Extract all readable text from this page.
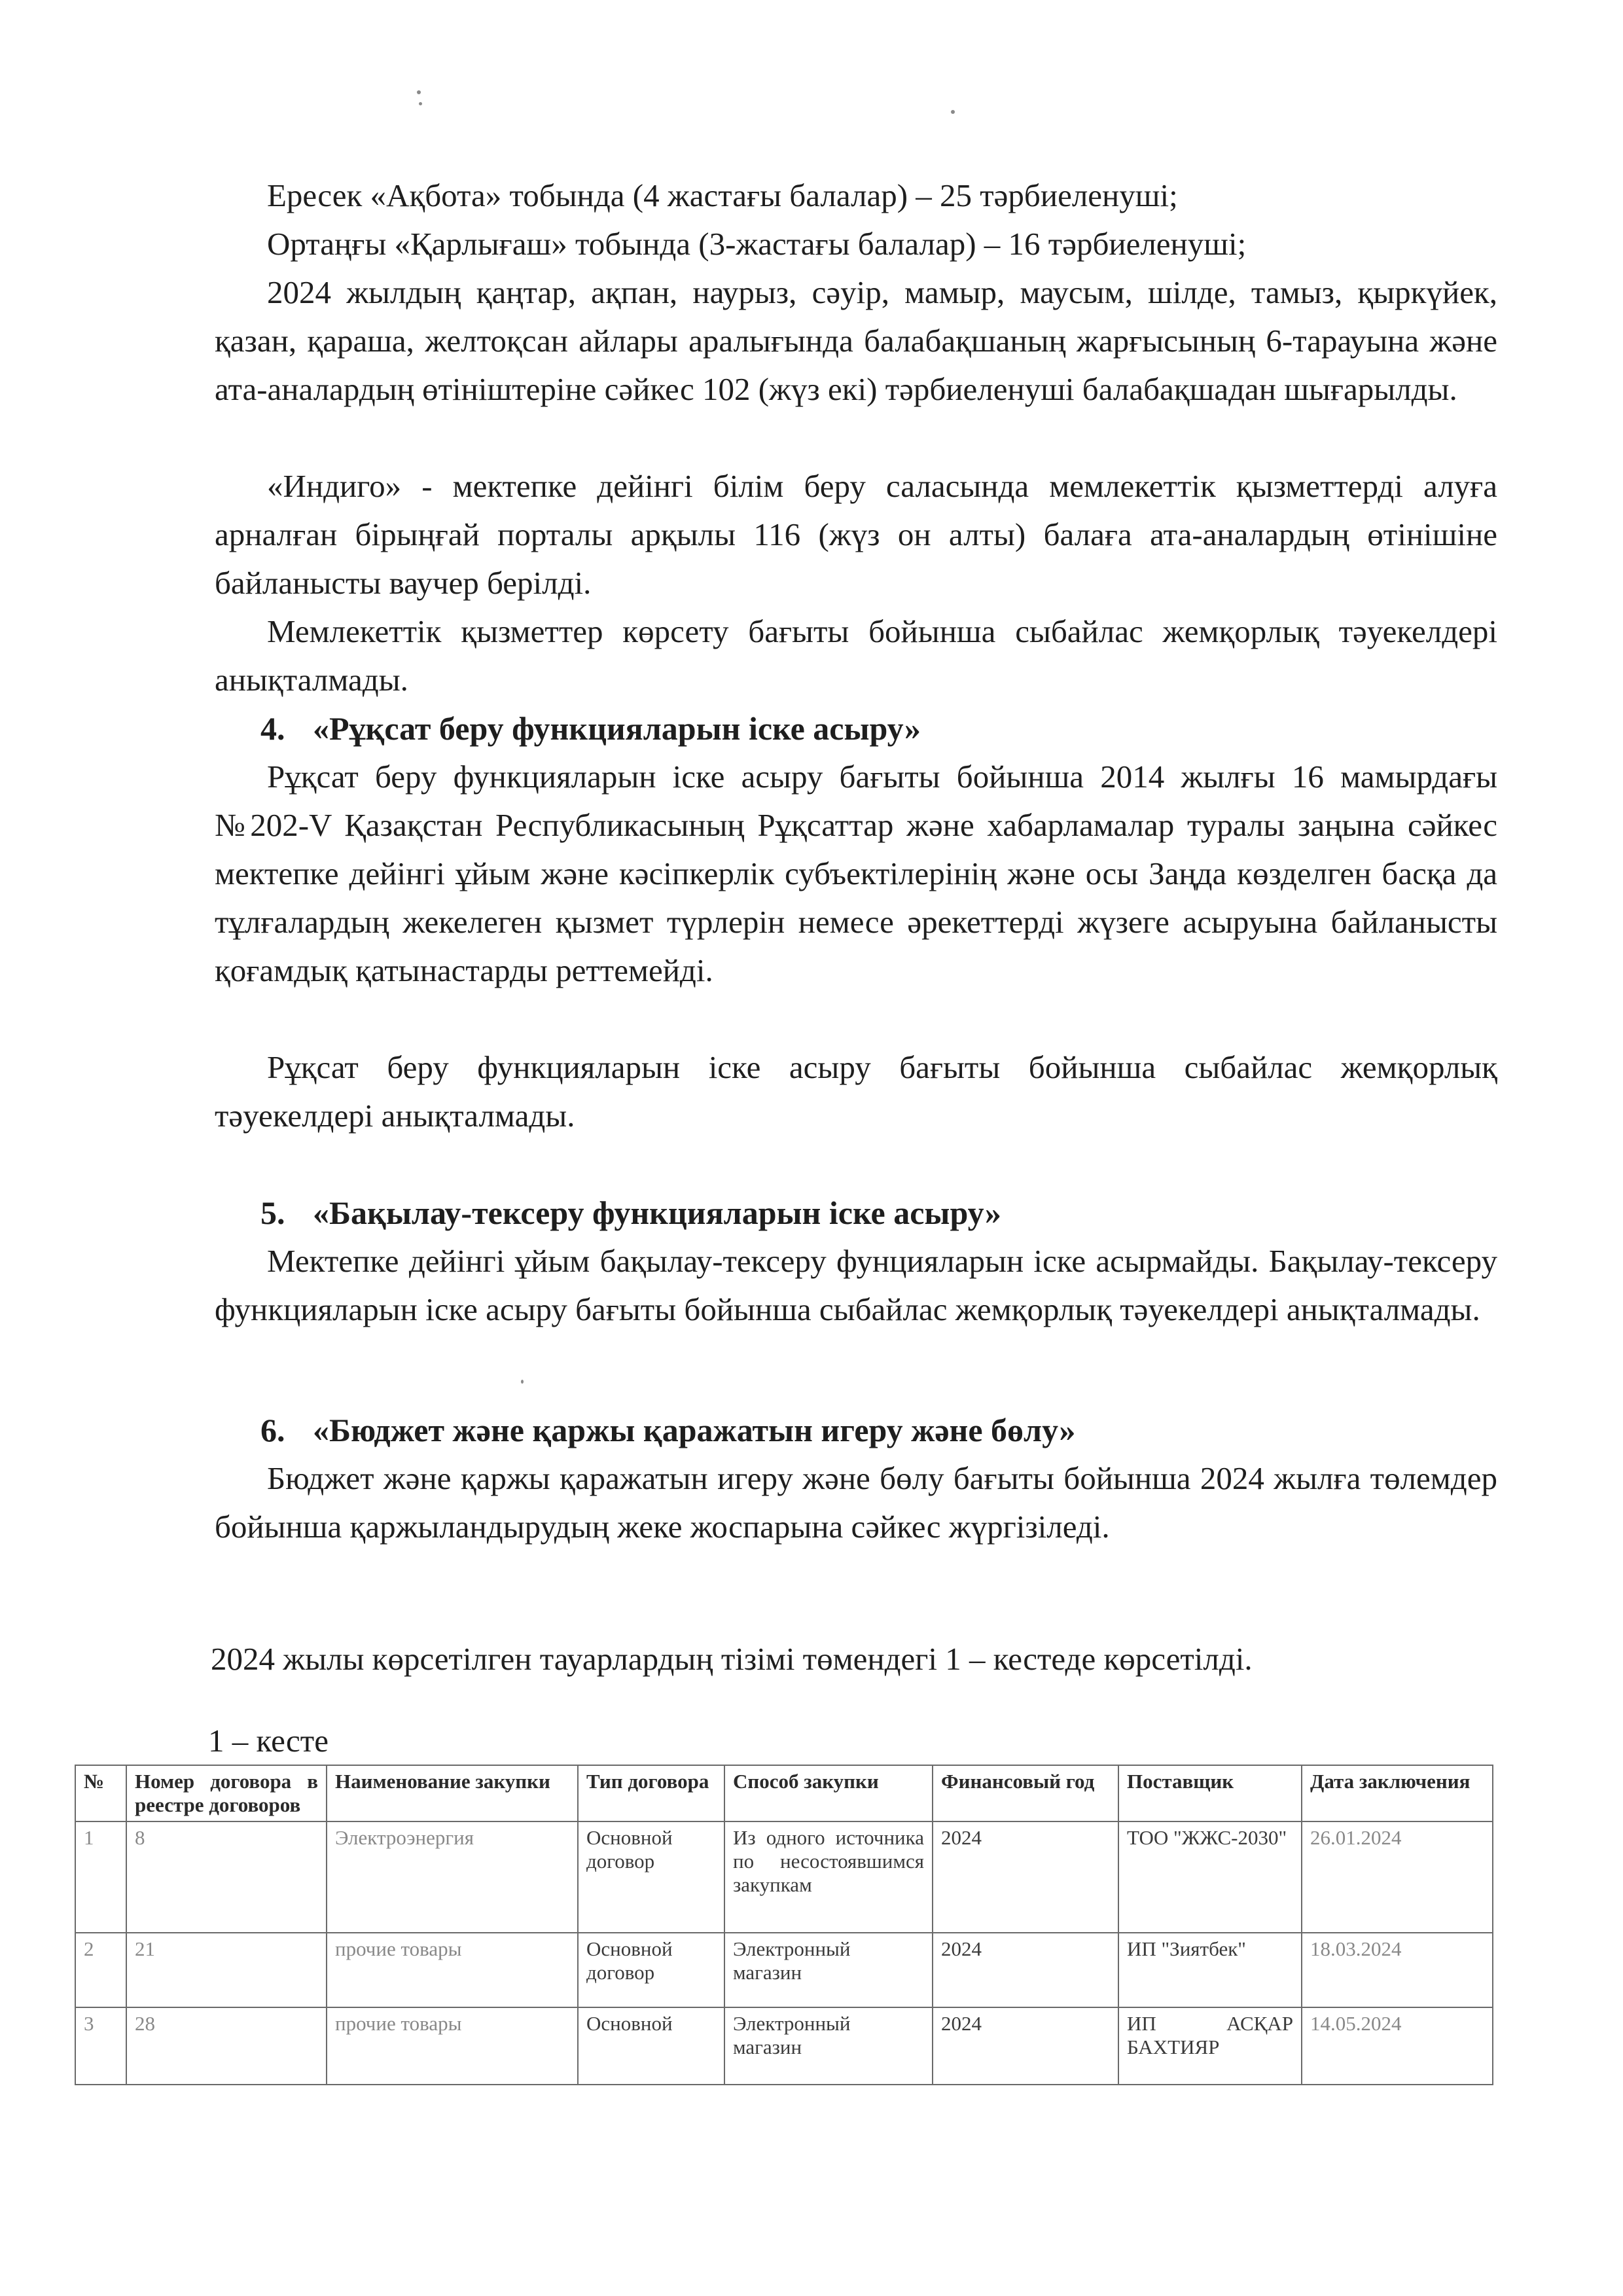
Ересек «Ақбота» тобында (4 жастағы балалар) – 25 тәрбиеленуші;

Ортаңғы «Қарлығаш» тобында (3-жастағы балалар) – 16 тәрбиеленуші;

2024 жылдың қаңтар, ақпан, наурыз, сәуір, мамыр, маусым, шілде, тамыз, қыркүйек, қазан, қараша, желтоқсан айлары аралығында балабақшаның жарғысының 6-тарауына және ата-аналардың өтініштеріне сәйкес 102 (жүз екі) тәрбиеленуші балабақшадан шығарылды.

«Индиго» - мектепке дейінгі білім беру саласында мемлекеттік қызметтерді алуға арналған бірыңғай порталы арқылы 116 (жүз он алты) балаға ата-аналардың өтінішіне байланысты ваучер берілді.

Мемлекеттік қызметтер көрсету бағыты бойынша сыбайлас жемқорлық тәуекелдері анықталмады.

4. «Рұқсат беру функцияларын іске асыру»

Рұқсат беру функцияларын іске асыру бағыты бойынша 2014 жылғы 16 мамырдағы №202-V Қазақстан Республикасының Рұқсаттар және хабарламалар туралы заңына сәйкес мектепке дейінгі ұйым және кәсіпкерлік субъектілерінің және осы Заңда көзделген басқа да тұлғалардың жекелеген қызмет түрлерін немесе әрекеттерді жүзеге асыруына байланысты қоғамдық қатынастарды реттемейді.

Рұқсат беру функцияларын іске асыру бағыты бойынша сыбайлас жемқорлық тәуекелдері анықталмады.

5. «Бақылау-тексеру функцияларын іске асыру»

Мектепке дейінгі ұйым бақылау-тексеру фунцияларын іске асырмайды. Бақылау-тексеру функцияларын іске асыру бағыты бойынша сыбайлас жемқорлық тәуекелдері анықталмады.

6. «Бюджет және қаржы қаражатын игеру және бөлу»

Бюджет және қаржы қаражатын игеру және бөлу бағыты бойынша 2024 жылға төлемдер бойынша қаржыландырудың жеке жоспарына сәйкес жүргізіледі.

2024 жылы көрсетілген тауарлардың тізімі төмендегі 1 – кестеде көрсетілді.

1 – кесте

№	Номер договора в реестре договоров	Наименование закупки	Тип договора	Способ закупки	Финансовый год	Поставщик	Дата заключения
1	8	Электроэнергия	Основной договор	Из одного источника по несостоявшимся закупкам	2024	ТОО "ЖЖС-2030"	26.01.2024
2	21	прочие товары	Основной договор	Электронный магазин	2024	ИП "Зиятбек"	18.03.2024
3	28	прочие товары	Основной	Электронный магазин	2024	ИП АСҚАР БАХТИЯР	14.05.2024
